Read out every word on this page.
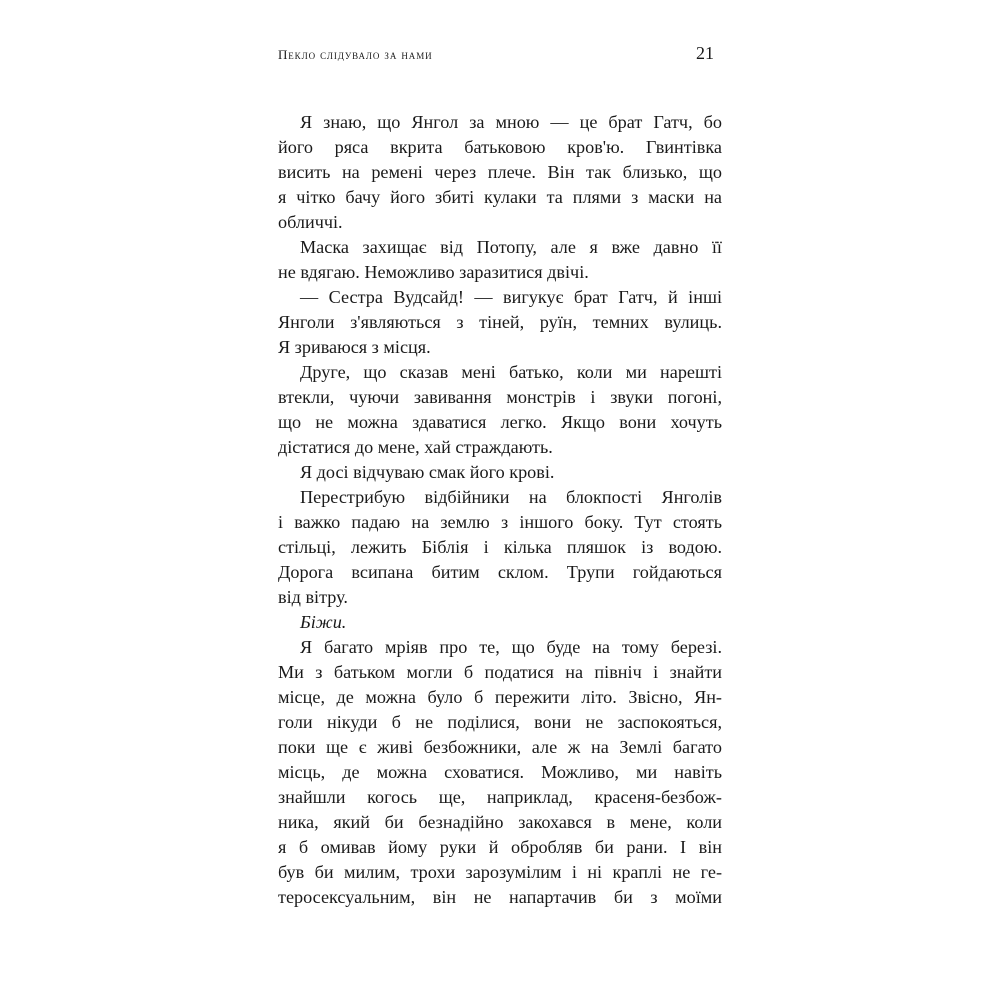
Пекло слідувало за нами	21
Я знаю, що Янгол за мною — це брат Гатч, бо
його ряса вкрита батьковою кров'ю. Гвинтівка
висить на ремені через плече. Він так близько, що
я чітко бачу його збиті кулаки та плями з маски на
обличчі.
Маска захищає від Потопу, але я вже давно її
не вдягаю. Неможливо заразитися двічі.
— Сестра Вудсайд! — вигукує брат Гатч, й інші
Янголи з'являються з тіней, руїн, темних вулиць.
Я зриваюся з місця.
Друге, що сказав мені батько, коли ми нарешті
втекли, чуючи завивання монстрів і звуки погоні,
що не можна здаватися легко. Якщо вони хочуть
дістатися до мене, хай страждають.
Я досі відчуваю смак його крові.
Перестрибую відбійники на блокпості Янголів
і важко падаю на землю з іншого боку. Тут стоять
стільці, лежить Біблія і кілька пляшок із водою.
Дорога всипана битим склом. Трупи гойдаються
від вітру.
Біжи.
Я багато мріяв про те, що буде на тому березі.
Ми з батьком могли б податися на північ і знайти
місце, де можна було б пережити літо. Звісно, Ян-
голи нікуди б не поділися, вони не заспокояться,
поки ще є живі безбожники, але ж на Землі багато
місць, де можна сховатися. Можливо, ми навіть
знайшли когось ще, наприклад, красеня-безбож-
ника, який би безнадійно закохався в мене, коли
я б омивав йому руки й обробляв би рани. І він
був би милим, трохи зарозумілим і ні краплі не ге-
теросексуальним, він не напартачив би з моїми
